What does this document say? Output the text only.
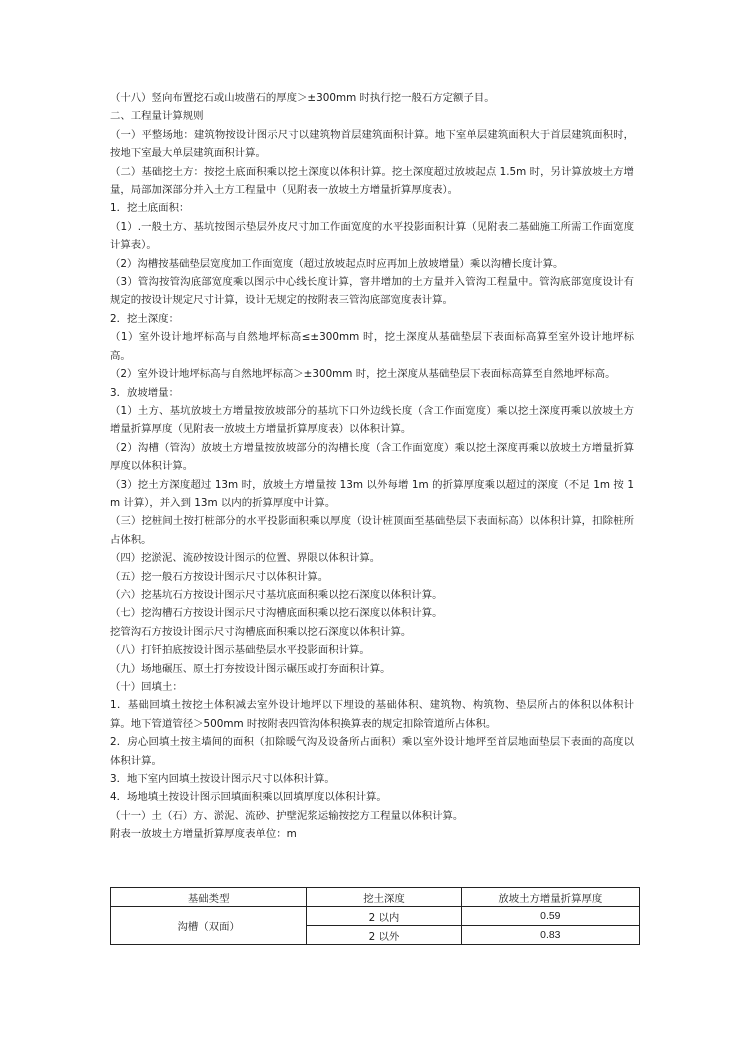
（十八）竖向布置挖石或山坡凿石的厚度＞±300mm 时执行挖一般石方定额子目。

二、工程量计算规则

（一）平整场地：建筑物按设计图示尺寸以建筑物首层建筑面积计算。地下室单层建筑面积大于首层建筑面积时，按地下室最大单层建筑面积计算。

（二）基础挖土方：按挖土底面积乘以挖土深度以体积计算。挖土深度超过放坡起点 1.5m 时，另计算放坡土方增量，局部加深部分并入土方工程量中（见附表一放坡土方增量折算厚度表）。

1．挖土底面积：

（1）.一般土方、基坑按图示垫层外皮尺寸加工作面宽度的水平投影面积计算（见附表二基础施工所需工作面宽度计算表）。

（2）沟槽按基础垫层宽度加工作面宽度（超过放坡起点时应再加上放坡增量）乘以沟槽长度计算。

（3）管沟按管沟底部宽度乘以图示中心线长度计算，窨井增加的土方量并入管沟工程量中。管沟底部宽度设计有规定的按设计规定尺寸计算，设计无规定的按附表三管沟底部宽度表计算。

2．挖土深度：

（1）室外设计地坪标高与自然地坪标高≤±300mm 时，挖土深度从基础垫层下表面标高算至室外设计地坪标高。

（2）室外设计地坪标高与自然地坪标高＞±300mm 时，挖土深度从基础垫层下表面标高算至自然地坪标高。

3．放坡增量：

（1）土方、基坑放坡土方增量按放坡部分的基坑下口外边线长度（含工作面宽度）乘以挖土深度再乘以放坡土方增量折算厚度（见附表一放坡土方增量折算厚度表）以体积计算。

（2）沟槽（管沟）放坡土方增量按放坡部分的沟槽长度（含工作面宽度）乘以挖土深度再乘以放坡土方增量折算厚度以体积计算。

（3）挖土方深度超过 13m 时，放坡土方增量按 13m 以外每增 1m 的折算厚度乘以超过的深度（不足 1m 按 1m 计算），并入到 13m 以内的折算厚度中计算。

（三）挖桩间土按打桩部分的水平投影面积乘以厚度（设计桩顶面至基础垫层下表面标高）以体积计算，扣除桩所占体积。

（四）挖淤泥、流砂按设计图示的位置、界限以体积计算。

（五）挖一般石方按设计图示尺寸以体积计算。

（六）挖基坑石方按设计图示尺寸基坑底面积乘以挖石深度以体积计算。

（七）挖沟槽石方按设计图示尺寸沟槽底面积乘以挖石深度以体积计算。

挖管沟石方按设计图示尺寸沟槽底面积乘以挖石深度以体积计算。

（八）打钎拍底按设计图示基础垫层水平投影面积计算。

（九）场地碾压、原土打夯按设计图示碾压或打夯面积计算。

（十）回填土：

1．基础回填土按挖土体积减去室外设计地坪以下埋设的基础体积、建筑物、构筑物、垫层所占的体积以体积计算。地下管道管径＞500mm 时按附表四管沟体积换算表的规定扣除管道所占体积。

2．房心回填土按主墙间的面积（扣除暖气沟及设备所占面积）乘以室外设计地坪至首层地面垫层下表面的高度以体积计算。

3．地下室内回填土按设计图示尺寸以体积计算。

4．场地填土按设计图示回填面积乘以回填厚度以体积计算。

（十一）土（石）方、淤泥、流砂、护壁泥浆运输按挖方工程量以体积计算。

附表一放坡土方增量折算厚度表单位：m

基础类型	挖土深度	放坡土方增量折算厚度
沟槽（双面）	2 以内	0.59
	2 以外	0.83
